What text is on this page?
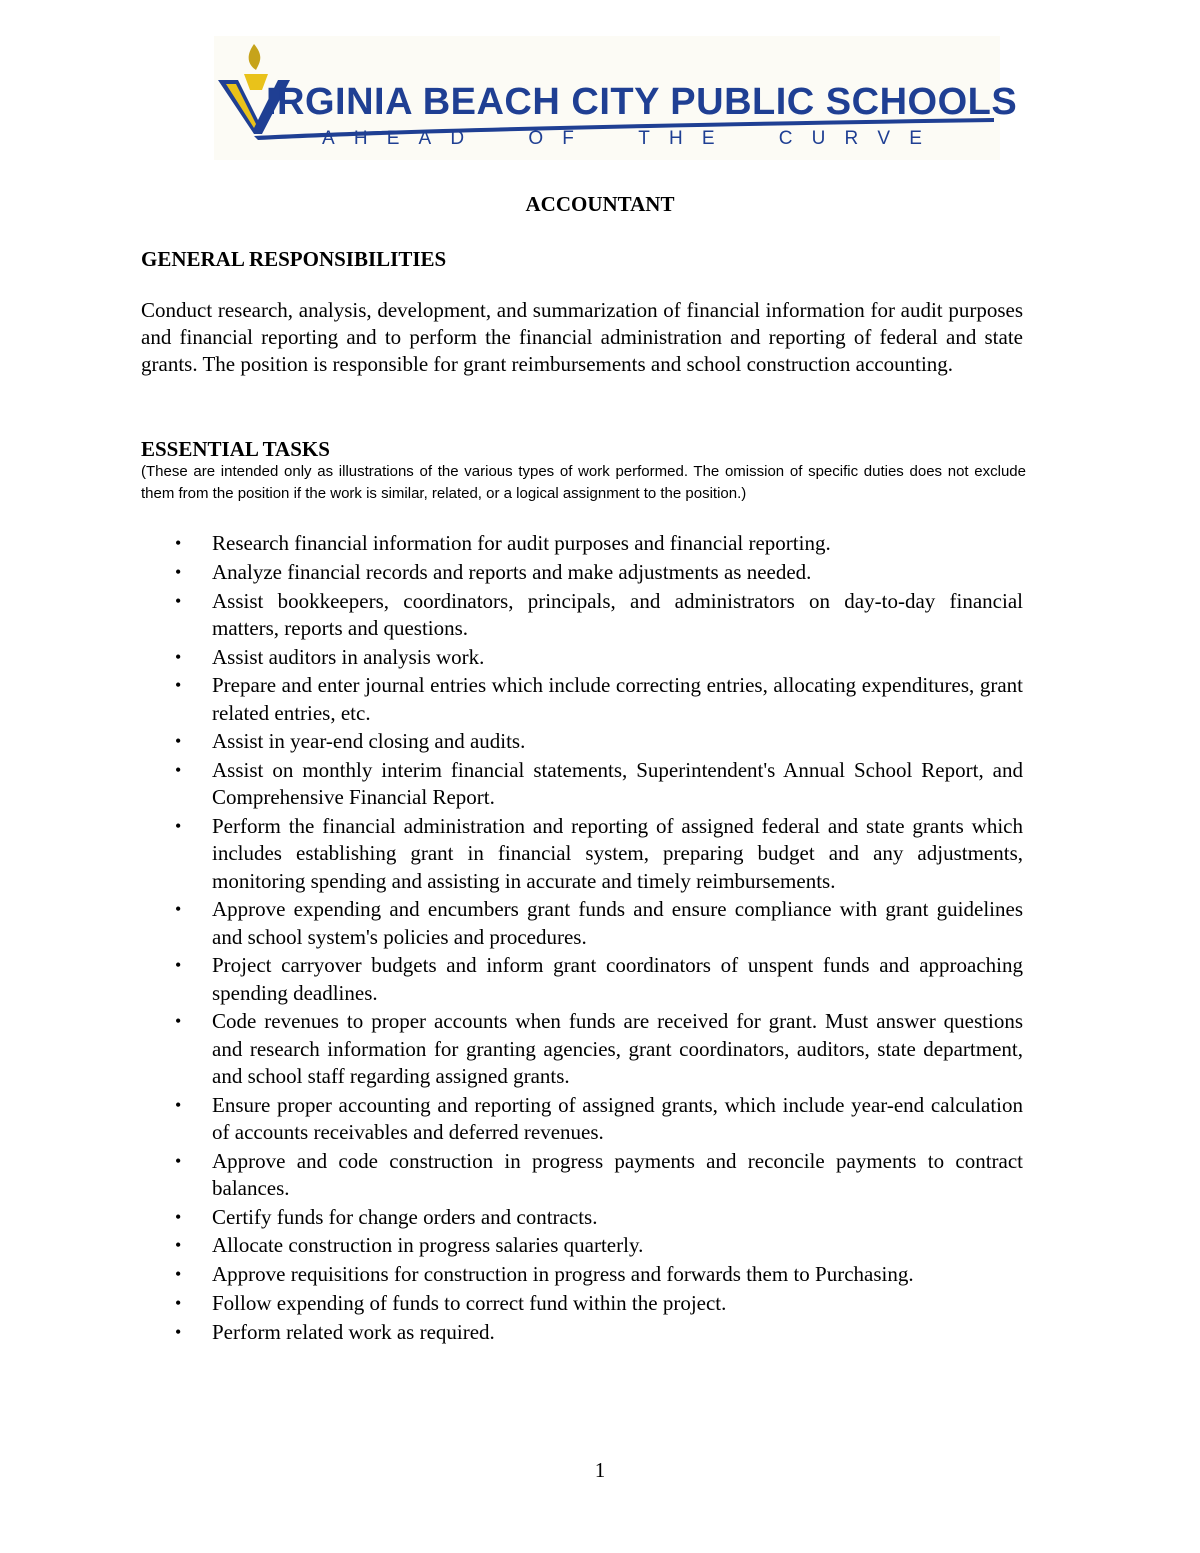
IRGINIA BEACH CITY PUBLIC SCHOOLS
A H E A D	O F	T H E	C U R V E
ACCOUNTANT
GENERAL RESPONSIBILITIES
Conduct research, analysis, development, and summarization of financial information for audit purposes and financial reporting and to perform the financial administration and reporting of federal and state grants. The position is responsible for grant reimbursements and school construction accounting.
ESSENTIAL TASKS
(These are intended only as illustrations of the various types of work performed. The omission of specific duties does not exclude them from the position if the work is similar, related, or a logical assignment to the position.)
• Research financial information for audit purposes and financial reporting.
• Analyze financial records and reports and make adjustments as needed.
• Assist bookkeepers, coordinators, principals, and administrators on day-to-day financial matters, reports and questions.
• Assist auditors in analysis work.
• Prepare and enter journal entries which include correcting entries, allocating expenditures, grant related entries, etc.
• Assist in year-end closing and audits.
• Assist on monthly interim financial statements, Superintendent's Annual School Report, and Comprehensive Financial Report.
• Perform the financial administration and reporting of assigned federal and state grants which includes establishing grant in financial system, preparing budget and any adjustments, monitoring spending and assisting in accurate and timely reimbursements.
• Approve expending and encumbers grant funds and ensure compliance with grant guidelines and school system's policies and procedures.
• Project carryover budgets and inform grant coordinators of unspent funds and approaching spending deadlines.
• Code revenues to proper accounts when funds are received for grant. Must answer questions and research information for granting agencies, grant coordinators, auditors, state department, and school staff regarding assigned grants.
• Ensure proper accounting and reporting of assigned grants, which include year-end calculation of accounts receivables and deferred revenues.
• Approve and code construction in progress payments and reconcile payments to contract balances.
• Certify funds for change orders and contracts.
• Allocate construction in progress salaries quarterly.
• Approve requisitions for construction in progress and forwards them to Purchasing.
• Follow expending of funds to correct fund within the project.
• Perform related work as required.
1
